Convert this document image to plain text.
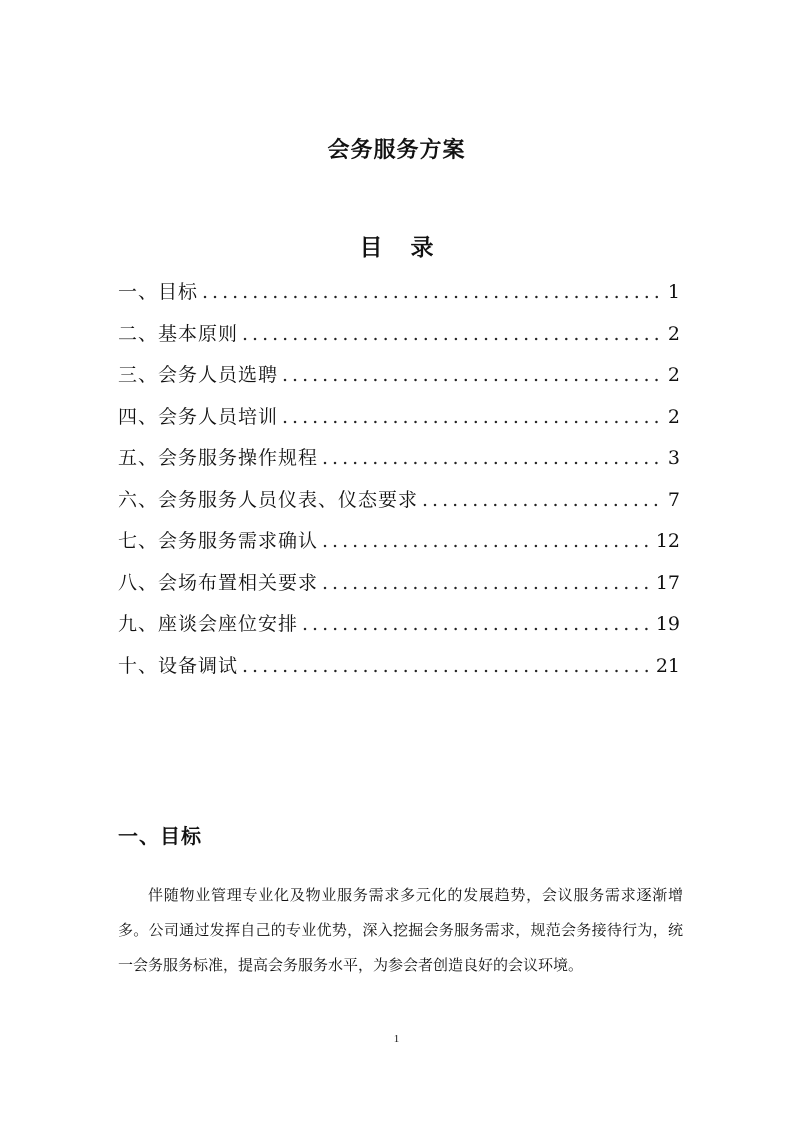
会务服务方案
目 录
一、目标 .....	1
二、基本原则 .....	2
三、会务人员选聘 .....	2
四、会务人员培训 .....	2
五、会务服务操作规程 .....	3
六、会务服务人员仪表、仪态要求 .....	7
七、会务服务需求确认 .....	12
八、会场布置相关要求 .....	17
九、座谈会座位安排 .....	19
十、设备调试 .....	21
一、目标

伴随物业管理专业化及物业服务需求多元化的发展趋势，会议服务需求逐渐增多。公司通过发挥自己的专业优势，深入挖掘会务服务需求，规范会务接待行为，统一会务服务标准，提高会务服务水平，为参会者创造良好的会议环境。

1
